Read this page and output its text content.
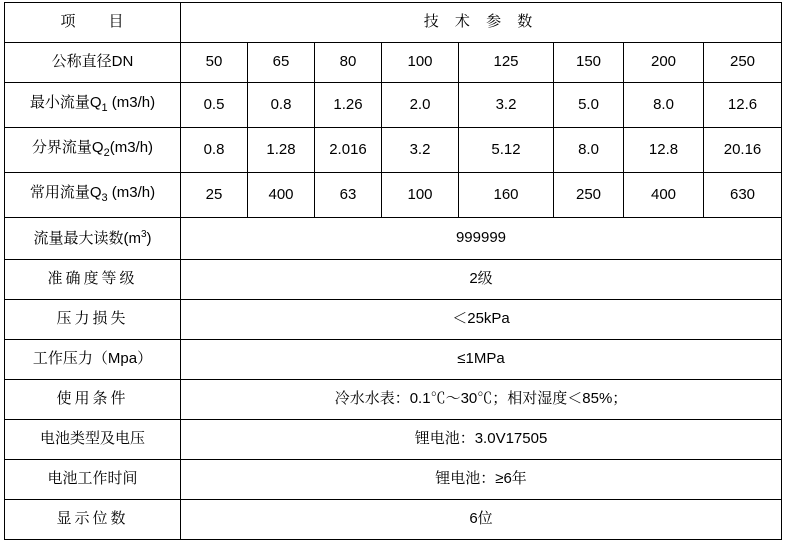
项　　目	技 术 参 数							
公称直径DN	50	65	80	100	125	150	200	250
最小流量$Q_1$ (m3/h)	0.5	0.8	1.26	2.0	3.2	5.0	8.0	12.6
分界流量$Q_2(m3/h)$	0.8	1.28	2.016	3.2	5.12	8.0	12.8	20.16
常用流量$Q_3$ (m3/h)	25	400	63	100	160	250	400	630
流量最大读数$(m^3)$	999999							
准确度等级	2级							
压力损失	＜25kPa							
工作压力（Mpa）	≤1MPa							
使用条件	冷水水表：0.1℃～30℃；相对湿度＜85%；							
电池类型及电压	锂电池：3.0V17505							
电池工作时间	锂电池：≥6年							
显示位数	6位							
